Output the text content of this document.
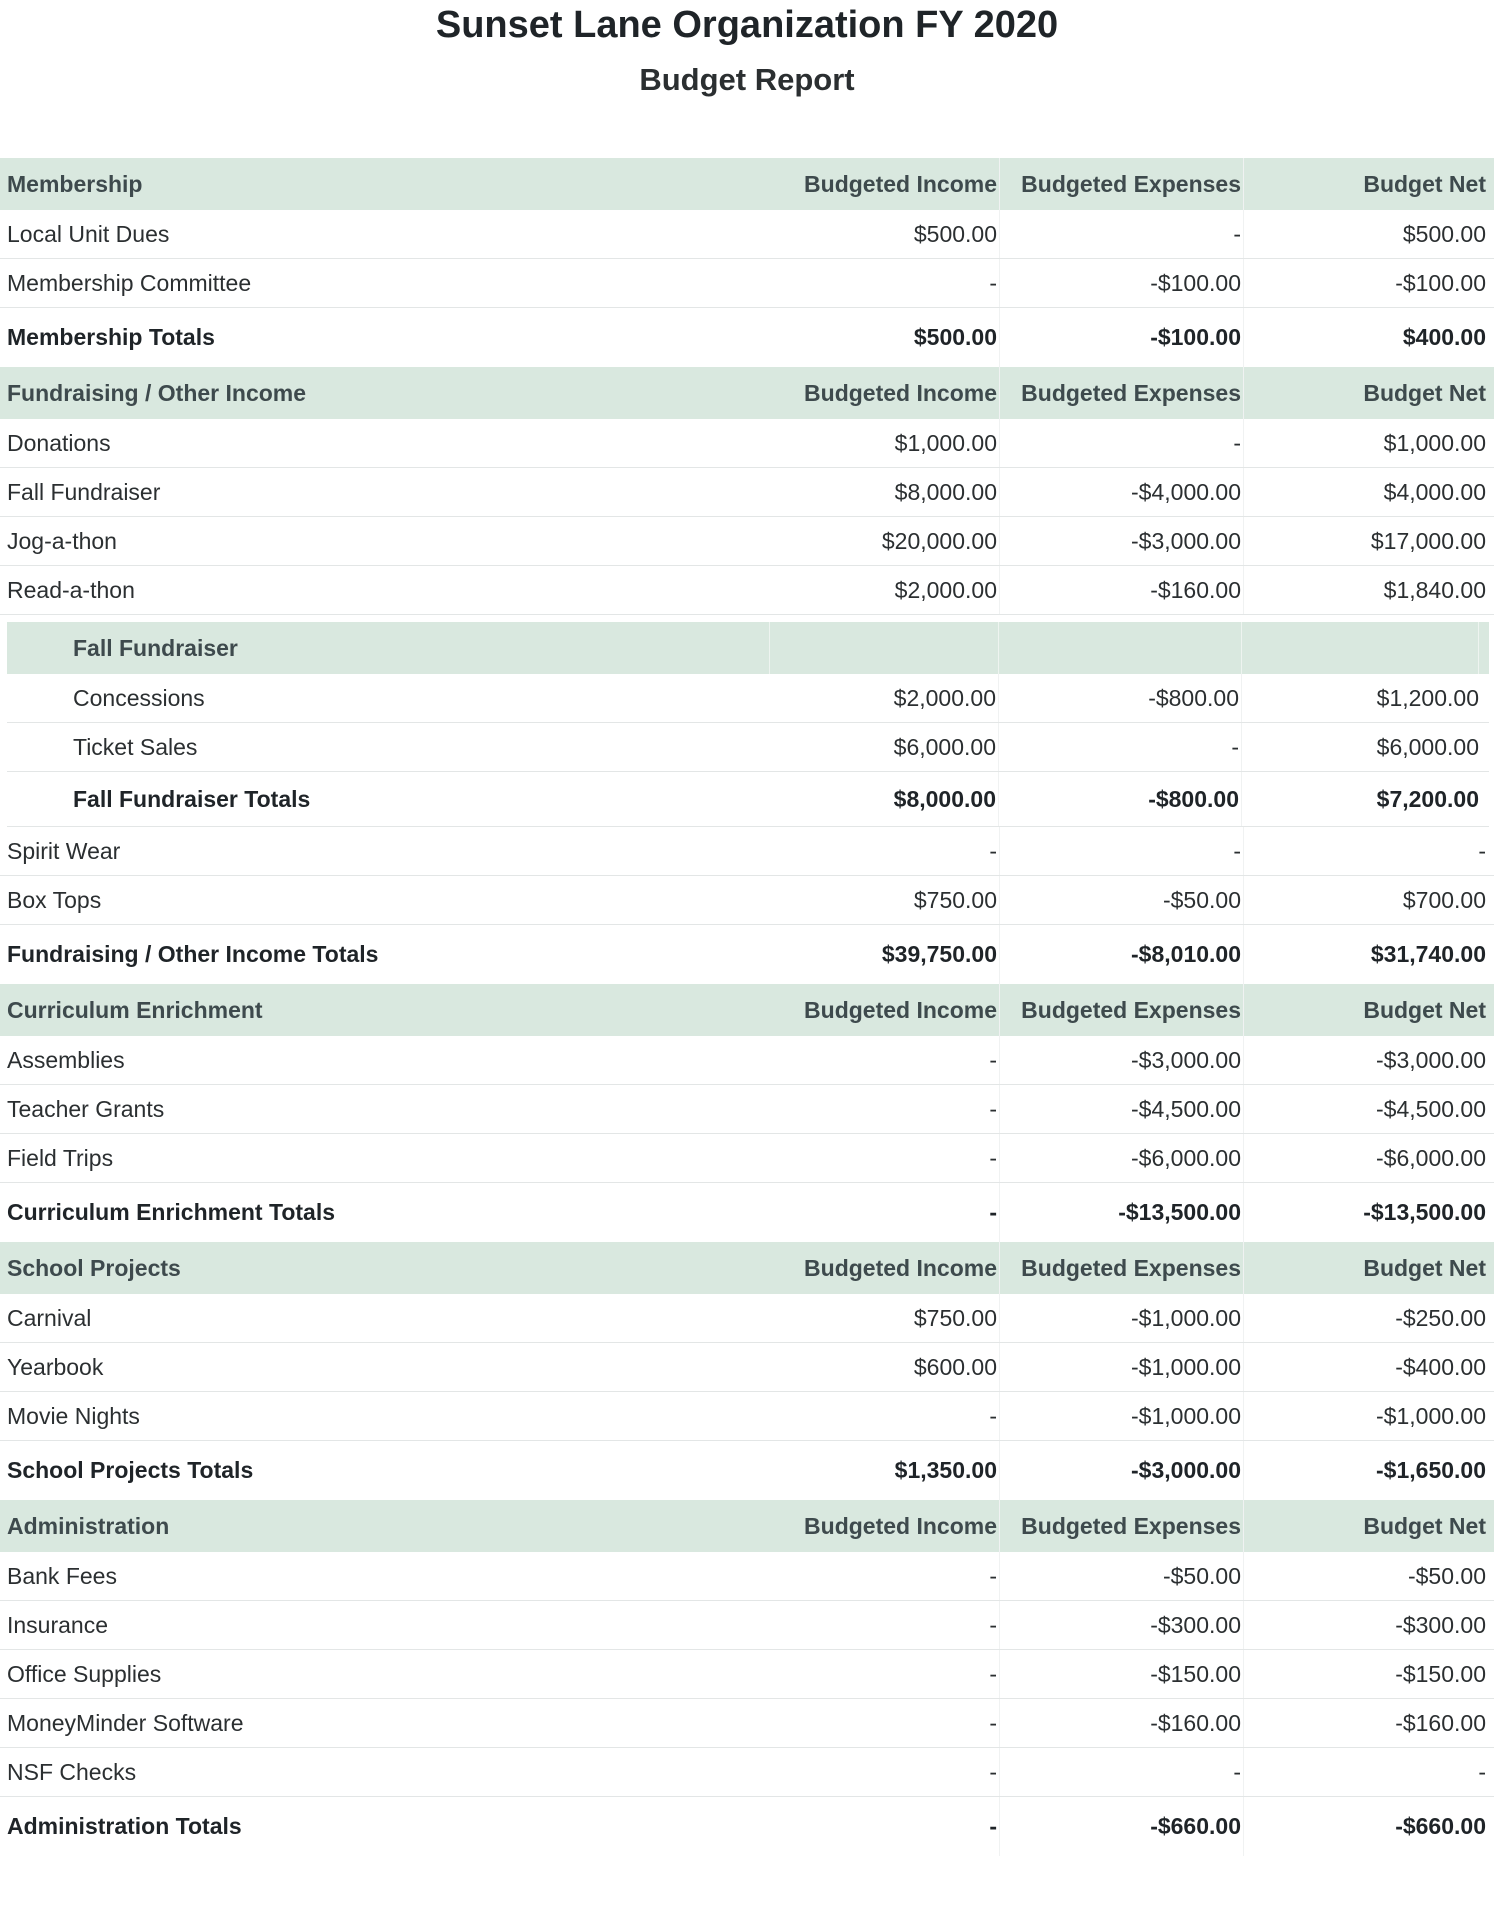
Sunset Lane Organization FY 2020
Budget Report
Membership	Budgeted Income	Budgeted Expenses	Budget Net
Local Unit Dues	$500.00	-	$500.00
Membership Committee	-	-$100.00	-$100.00
Membership Totals	$500.00	-$100.00	$400.00
Fundraising / Other Income	Budgeted Income	Budgeted Expenses	Budget Net
Donations	$1,000.00	-	$1,000.00
Fall Fundraiser	$8,000.00	-$4,000.00	$4,000.00
Jog-a-thon	$20,000.00	-$3,000.00	$17,000.00
Read-a-thon	$2,000.00	-$160.00	$1,840.00
Fall Fundraiser
Concessions	$2,000.00	-$800.00	$1,200.00
Ticket Sales	$6,000.00	-	$6,000.00
Fall Fundraiser Totals	$8,000.00	-$800.00	$7,200.00
Spirit Wear	-	-	-
Box Tops	$750.00	-$50.00	$700.00
Fundraising / Other Income Totals	$39,750.00	-$8,010.00	$31,740.00
Curriculum Enrichment	Budgeted Income	Budgeted Expenses	Budget Net
Assemblies	-	-$3,000.00	-$3,000.00
Teacher Grants	-	-$4,500.00	-$4,500.00
Field Trips	-	-$6,000.00	-$6,000.00
Curriculum Enrichment Totals	-	-$13,500.00	-$13,500.00
School Projects	Budgeted Income	Budgeted Expenses	Budget Net
Carnival	$750.00	-$1,000.00	-$250.00
Yearbook	$600.00	-$1,000.00	-$400.00
Movie Nights	-	-$1,000.00	-$1,000.00
School Projects Totals	$1,350.00	-$3,000.00	-$1,650.00
Administration	Budgeted Income	Budgeted Expenses	Budget Net
Bank Fees	-	-$50.00	-$50.00
Insurance	-	-$300.00	-$300.00
Office Supplies	-	-$150.00	-$150.00
MoneyMinder Software	-	-$160.00	-$160.00
NSF Checks	-	-	-
Administration Totals	-	-$660.00	-$660.00
